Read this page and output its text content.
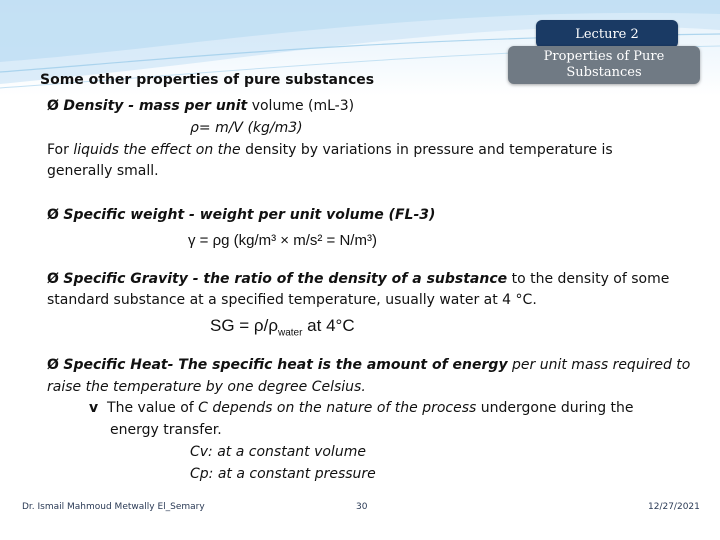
Lecture 2
Properties of Pure
Substances
Some other properties of pure substances
Ø Density - mass per unit volume (mL-3)
ρ= m/V (kg/m3)
For liquids the effect on the density by variations in pressure and temperature is
generally small.
Ø Specific weight - weight per unit volume (FL-3)
γ = ρg (kg/m³ × m/s² = N/m³)
Ø Specific Gravity - the ratio of the density of a substance to the density of some
standard substance at a specified temperature, usually water at 4 °C.
SG = $\rho/\rho_{water}$ at 4°C
Ø Specific Heat- The specific heat is the amount of energy per unit mass required to
raise the temperature by one degree Celsius.
v The value of C depends on the nature of the process undergone during the
energy transfer.
Cv: at a constant volume
Cp: at a constant pressure
Dr. Ismail Mahmoud Metwally El_Semary	30	12/27/2021
